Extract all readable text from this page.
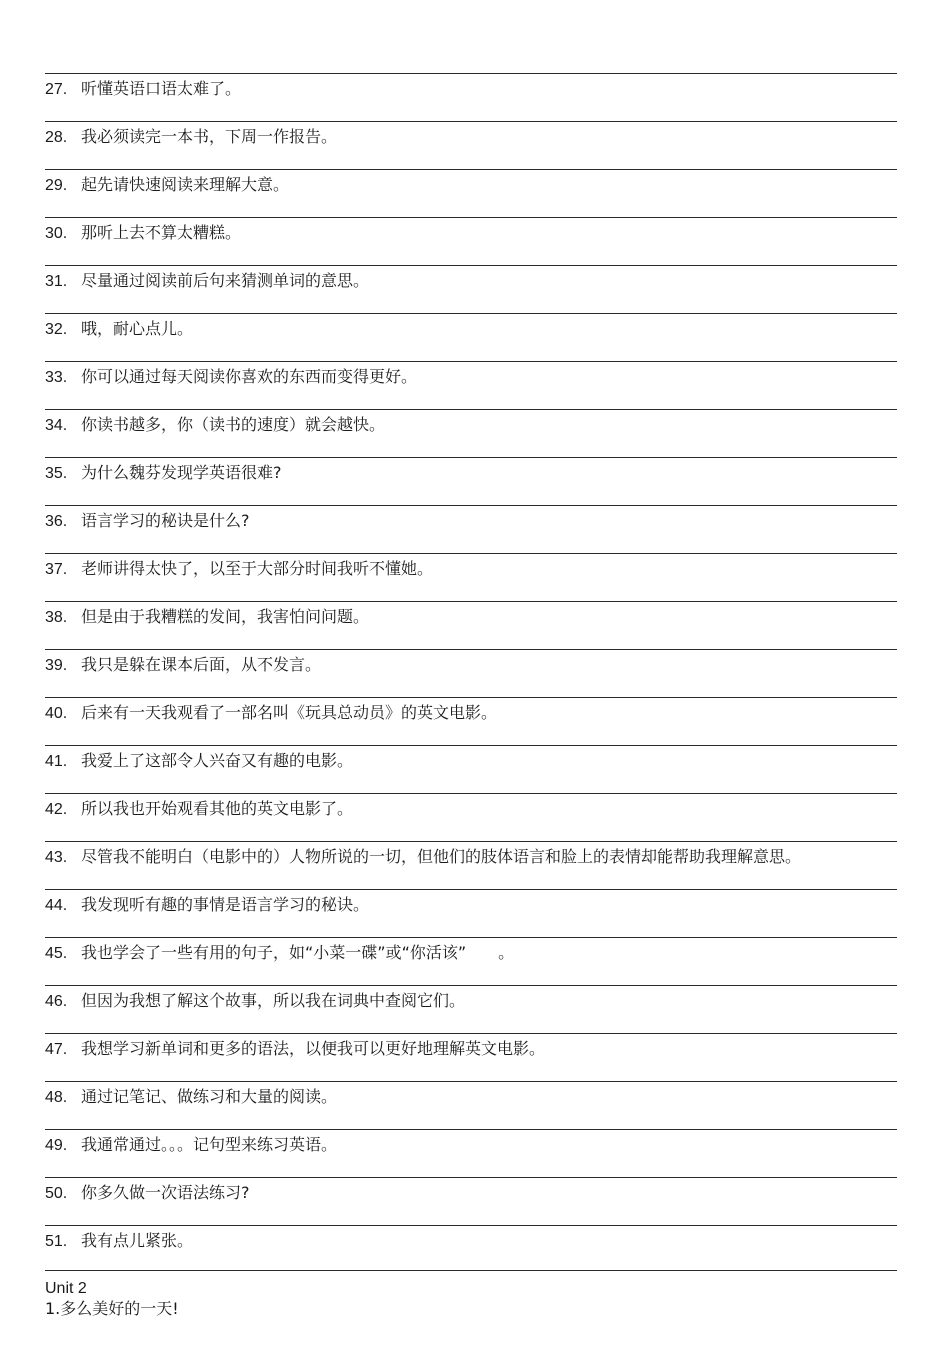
27. 听懂英语口语太难了。
28. 我必须读完一本书，下周一作报告。
29. 起先请快速阅读来理解大意。
30. 那听上去不算太糟糕。
31. 尽量通过阅读前后句来猜测单词的意思。
32. 哦，耐心点儿。
33. 你可以通过每天阅读你喜欢的东西而变得更好。
34. 你读书越多，你（读书的速度）就会越快。
35. 为什么魏芬发现学英语很难?
36. 语言学习的秘诀是什么?
37. 老师讲得太快了，以至于大部分时间我听不懂她。
38. 但是由于我糟糕的发间，我害怕问问题。
39. 我只是躲在课本后面，从不发言。
40. 后来有一天我观看了一部名叫《玩具总动员》的英文电影。
41. 我爱上了这部令人兴奋又有趣的电影。
42. 所以我也开始观看其他的英文电影了。
43. 尽管我不能明白（电影中的）人物所说的一切，但他们的肢体语言和脸上的表情却能帮助我理解意思。
44. 我发现听有趣的事情是语言学习的秘诀。
45. 我也学会了一些有用的句子，如“小菜一碟”或“你活该”　　。
46. 但因为我想了解这个故事，所以我在词典中查阅它们。
47. 我想学习新单词和更多的语法，以便我可以更好地理解英文电影。
48. 通过记笔记、做练习和大量的阅读。
49. 我通常通过。。。记句型来练习英语。
50. 你多久做一次语法练习?
51. 我有点儿紧张。
Unit 2
1.多么美好的一天!
